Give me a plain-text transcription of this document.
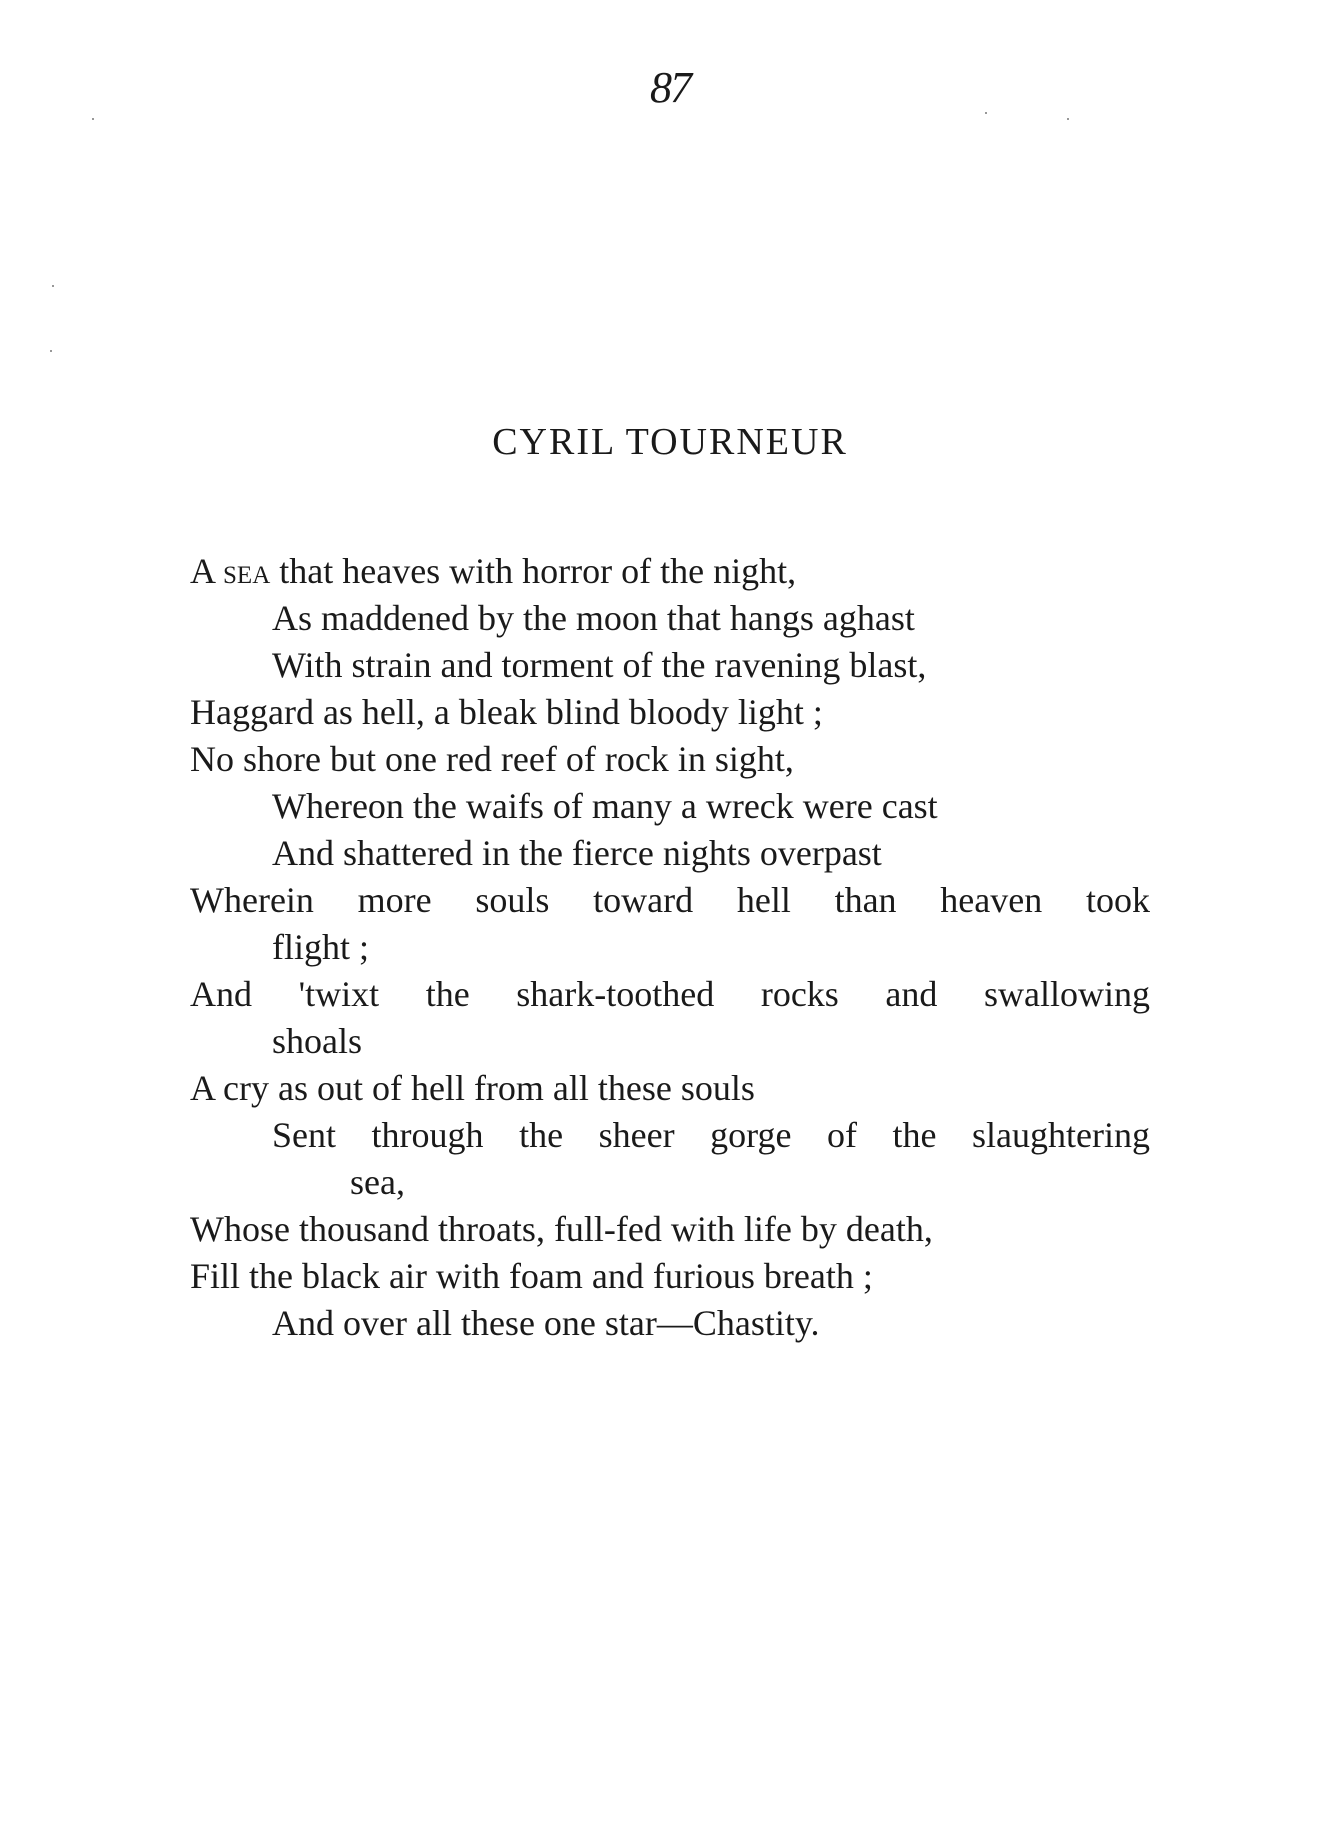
87
CYRIL TOURNEUR
A sea that heaves with horror of the night,
As maddened by the moon that hangs aghast
With strain and torment of the ravening blast,
Haggard as hell, a bleak blind bloody light ;
No shore but one red reef of rock in sight,
Whereon the waifs of many a wreck were cast
And shattered in the fierce nights overpast
Wherein more souls toward hell than heaven took
flight ;
And 'twixt the shark-toothed rocks and swallowing
shoals
A cry as out of hell from all these souls
Sent through the sheer gorge of the slaughtering
sea,
Whose thousand throats, full-fed with life by death,
Fill the black air with foam and furious breath ;
And over all these one star—Chastity.
